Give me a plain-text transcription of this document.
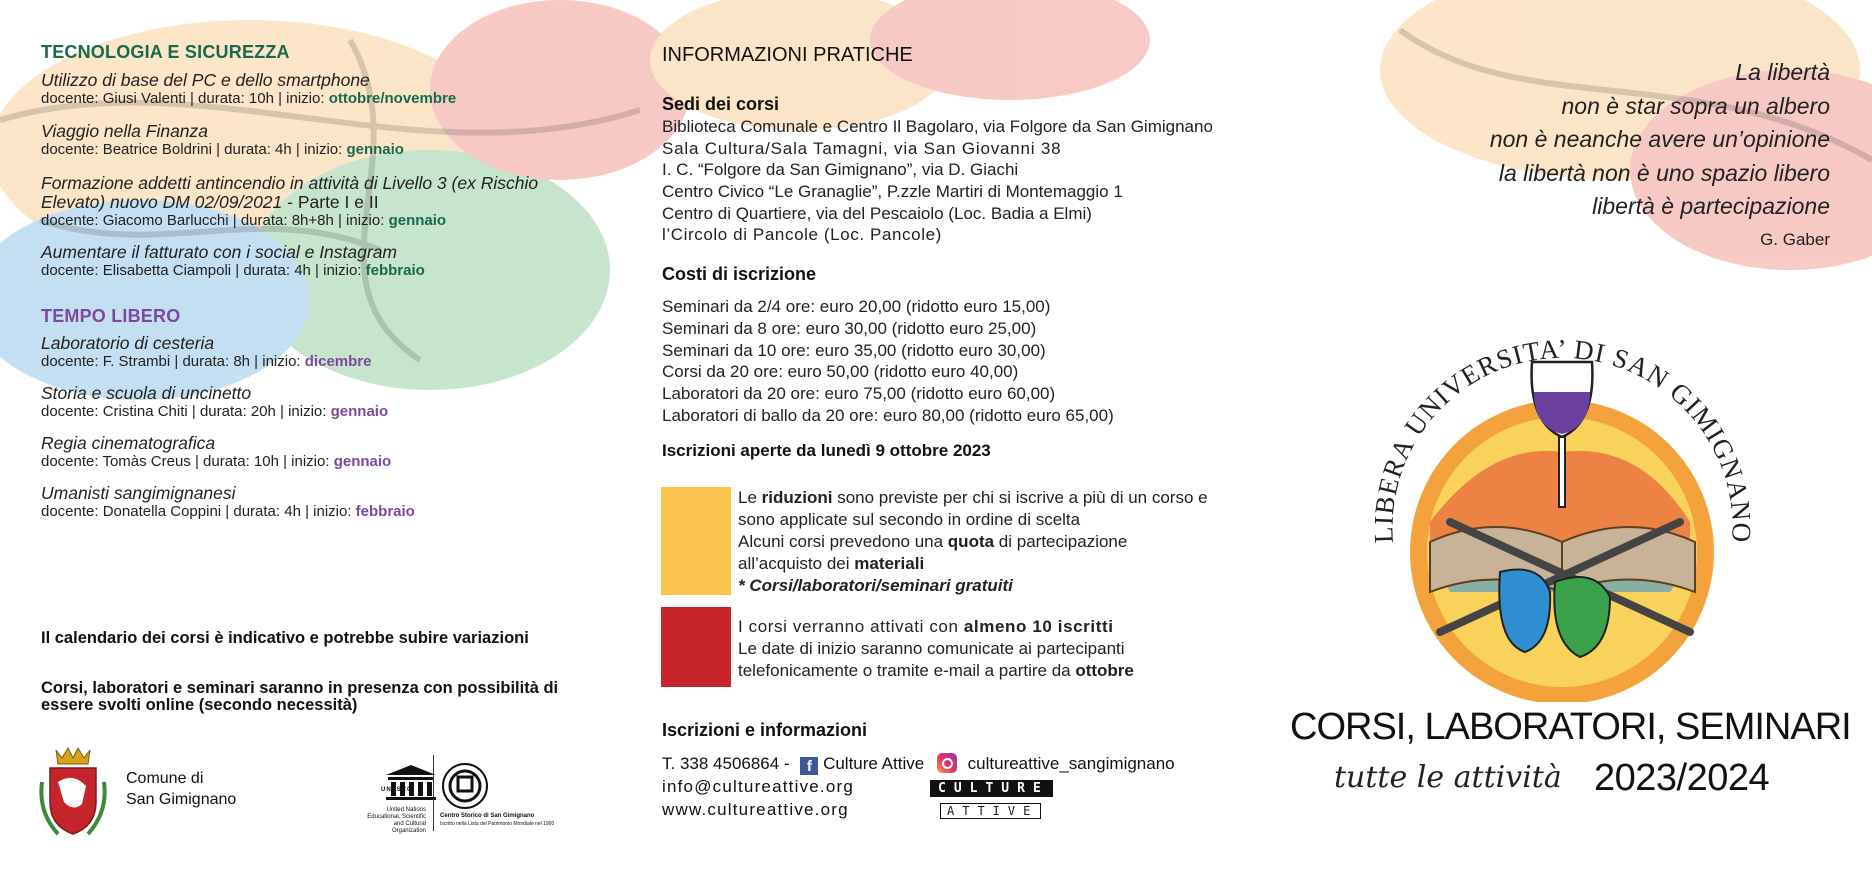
TECNOLOGIA E SICUREZZA
Utilizzo di base del PC e dello smartphone
docente: Giusi Valenti | durata: 10h | inizio: ottobre/novembre
Viaggio nella Finanza
docente: Beatrice Boldrini | durata: 4h | inizio: gennaio
Formazione addetti antincendio in attività di Livello 3 (ex Rischio Elevato) nuovo DM 02/09/2021 - Parte I e II
docente: Giacomo Barlucchi | durata: 8h+8h | inizio: gennaio
Aumentare il fatturato con i social e Instagram
docente: Elisabetta Ciampoli | durata: 4h | inizio: febbraio
TEMPO LIBERO
Laboratorio di cesteria
docente: F. Strambi | durata: 8h | inizio: dicembre
Storia e scuola di uncinetto
docente: Cristina Chiti | durata: 20h | inizio: gennaio
Regia cinematografica
docente: Tomàs Creus | durata: 10h | inizio: gennaio
Umanisti sangimignanesi
docente: Donatella Coppini | durata: 4h | inizio: febbraio
Il calendario dei corsi è indicativo e potrebbe subire variazioni
Corsi, laboratori e seminari saranno in presenza con possibilità di essere svolti online (secondo necessità)
Comune di
San Gimignano
UNESCO
United Nations Educational, Scientific and Cultural Organization
Centro Storico di San Gimignano
Iscritto nella Lista del Patrimonio Mondiale nel 1990
INFORMAZIONI PRATICHE
Sedi dei corsi
Biblioteca Comunale e Centro Il Bagolaro, via Folgore da San Gimignano
Sala Cultura/Sala Tamagni, via San Giovanni 38
I. C. “Folgore da San Gimignano”, via D. Giachi
Centro Civico “Le Granaglie”, P.zzle Martiri di Montemaggio 1
Centro di Quartiere, via del Pescaiolo (Loc. Badia a Elmi)
l’Circolo di Pancole (Loc. Pancole)
Costi di iscrizione
Seminari da 2/4 ore: euro 20,00 (ridotto euro 15,00)
Seminari da 8 ore: euro 30,00 (ridotto euro 25,00)
Seminari da 10 ore: euro 35,00 (ridotto euro 30,00)
Corsi da 20 ore: euro 50,00 (ridotto euro 40,00)
Laboratori da 20 ore: euro 75,00 (ridotto euro 60,00)
Laboratori di ballo da 20 ore: euro 80,00 (ridotto euro 65,00)
Iscrizioni aperte da lunedì 9 ottobre 2023
Le riduzioni sono previste per chi si iscrive a più di un corso e sono applicate sul secondo in ordine di scelta
Alcuni corsi prevedono una quota di partecipazione all’acquisto dei materiali
* Corsi/laboratori/seminari gratuiti
I corsi verranno attivati con almeno 10 iscritti
Le date di inizio saranno comunicate ai partecipanti telefonicamente o tramite e-mail a partire da ottobre
Iscrizioni e informazioni
T. 338 4506864 - f Culture Attive	cultureattive_sangimignano
info@cultureattive.org
www.cultureattive.org
CULTURE
ATTIVE
La libertà
non è star sopra un albero
non è neanche avere un’opinione
la libertà non è uno spazio libero
libertà è partecipazione
G. Gaber
LIBERA UNIVERSITA’ DI SAN GIMIGNANO
CORSI, LABORATORI, SEMINARI
tutte le attività 2023/2024
